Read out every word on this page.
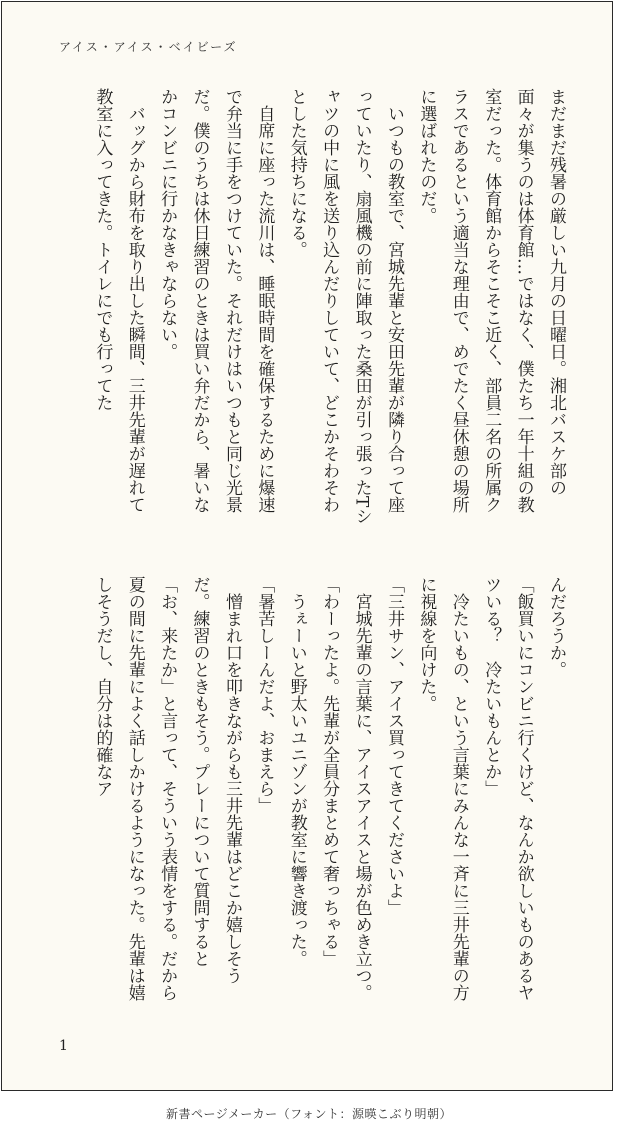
アイス・アイス・ベイビーズ

まだまだ残暑の厳しい九月の日曜日。湘北バスケ部の面々が集うのは体育館…ではなく、僕たち一年十組の教室だった。体育館からそこそこ近く、部員二名の所属クラスであるという適当な理由で、めでたく昼休憩の場所に選ばれたのだ。

いつもの教室で、宮城先輩と安田先輩が隣り合って座っていたり、扇風機の前に陣取った桑田が引っ張ったTシャツの中に風を送り込んだりしていて、どこかそわそわとした気持ちになる。

自席に座った流川は、睡眠時間を確保するために爆速で弁当に手をつけていた。それだけはいつもと同じ光景だ。僕のうちは休日練習のときは買い弁だから、暑いなかコンビニに行かなきゃならない。

バッグから財布を取り出した瞬間、三井先輩が遅れて教室に入ってきた。トイレにでも行ってた

んだろうか。

「飯買いにコンビニ行くけど、なんか欲しいものあるヤツいる？　冷たいもんとか」

冷たいもの、という言葉にみんな一斉に三井先輩の方に視線を向けた。

「三井サン、アイス買ってきてくださいよ」

宮城先輩の言葉に、アイスアイスと場が色めき立つ。

「わーったよ。先輩が全員分まとめて奢っちゃる」

うぇーいと野太いユニゾンが教室に響き渡った。

「暑苦しーんだよ、おまえら」

憎まれ口を叩きながらも三井先輩はどこか嬉しそうだ。練習のときもそう。プレーについて質問すると「お、来たか」と言って、そういう表情をする。だから夏の間に先輩によく話しかけるようになった。先輩は嬉しそうだし、自分は的確なア

1
新書ページメーカー（フォント：源暎こぶり明朝）
